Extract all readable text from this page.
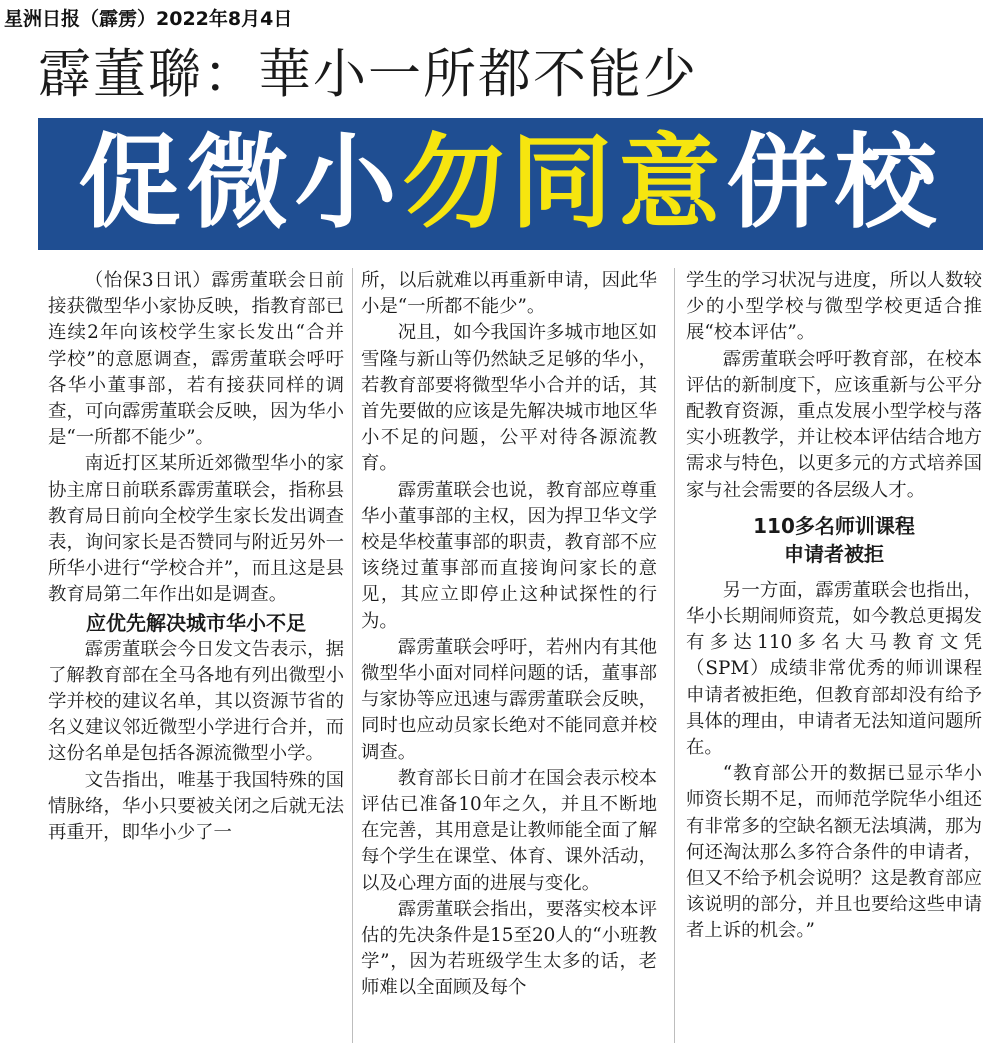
星洲日报（霹雳）2022年8月4日
霹董聯：華小一所都不能少
促微小 勿同意 併校

（怡保3日讯）霹雳董联会日前接获微型华小家协反映，指教育部已连续2年向该校学生家长发出“合并学校”的意愿调查，霹雳董联会呼吁各华小董事部，若有接获同样的调查，可向霹雳董联会反映，因为华小是“一所都不能少”。

南近打区某所近郊微型华小的家协主席日前联系霹雳董联会，指称县教育局日前向全校学生家长发出调查表，询问家长是否赞同与附近另外一所华小进行“学校合并”，而且这是县教育局第二年作出如是调查。

应优先解决城市华小不足

霹雳董联会今日发文告表示，据了解教育部在全马各地有列出微型小学并校的建议名单，其以资源节省的名义建议邻近微型小学进行合并，而这份名单是包括各源流微型小学。

文告指出，唯基于我国特殊的国情脉络，华小只要被关闭之后就无法再重开，即华小少了一

所，以后就难以再重新申请，因此华小是“一所都不能少”。

况且，如今我国许多城市地区如雪隆与新山等仍然缺乏足够的华小，若教育部要将微型华小合并的话，其首先要做的应该是先解决城市地区华小不足的问题，公平对待各源流教育。

霹雳董联会也说，教育部应尊重华小董事部的主权，因为捍卫华文学校是华校董事部的职责，教育部不应该绕过董事部而直接询问家长的意见，其应立即停止这种试探性的行为。

霹雳董联会呼吁，若州内有其他微型华小面对同样问题的话，董事部与家协等应迅速与霹雳董联会反映，同时也应动员家长绝对不能同意并校调查。

教育部长日前才在国会表示校本评估已准备10年之久，并且不断地在完善，其用意是让教师能全面了解每个学生在课堂、体育、课外活动，以及心理方面的进展与变化。

霹雳董联会指出，要落实校本评估的先决条件是15至20人的“小班教学”，因为若班级学生太多的话，老师难以全面顾及每个

学生的学习状况与进度，所以人数较少的小型学校与微型学校更适合推展“校本评估”。

霹雳董联会呼吁教育部，在校本评估的新制度下，应该重新与公平分配教育资源，重点发展小型学校与落实小班教学，并让校本评估结合地方需求与特色，以更多元的方式培养国家与社会需要的各层级人才。

110多名师训课程
申请者被拒

另一方面，霹雳董联会也指出，华小长期闹师资荒，如今教总更揭发有多达110多名大马教育文凭（SPM）成绩非常优秀的师训课程申请者被拒绝，但教育部却没有给予具体的理由，申请者无法知道问题所在。

“教育部公开的数据已显示华小师资长期不足，而师范学院华小组还有非常多的空缺名额无法填满，那为何还淘汰那么多符合条件的申请者，但又不给予机会说明？这是教育部应该说明的部分，并且也要给这些申请者上诉的机会。”
